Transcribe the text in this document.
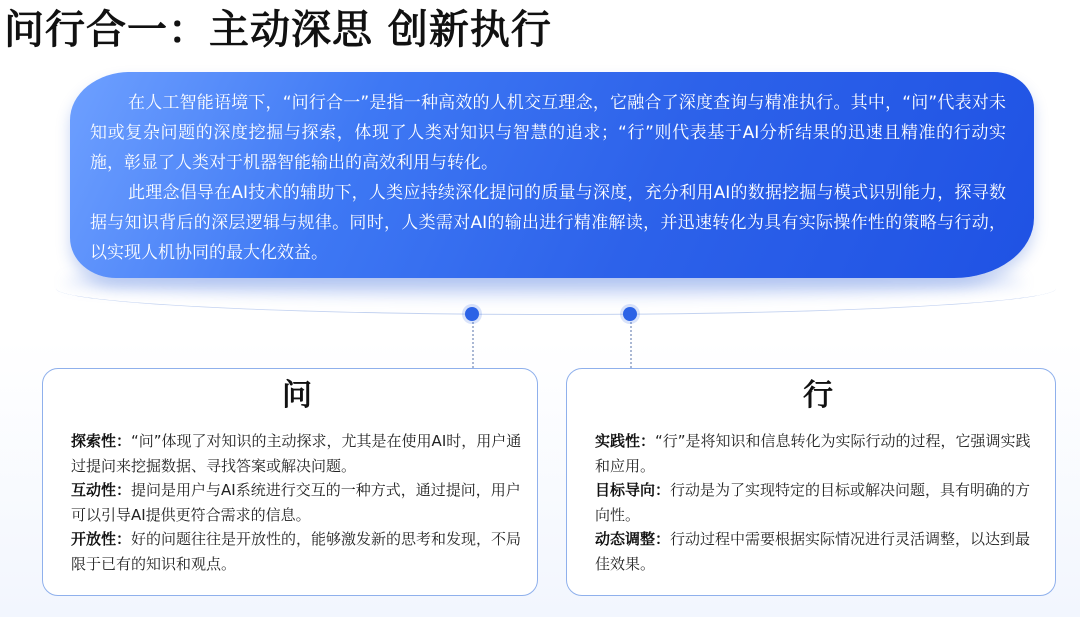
问行合一：主动深思 创新执行

在人工智能语境下，“问行合一”是指一种高效的人机交互理念，它融合了深度查询与精准执行。其中，“问”代表对未知或复杂问题的深度挖掘与探索，体现了人类对知识与智慧的追求；“行”则代表基于AI分析结果的迅速且精准的行动实施，彰显了人类对于机器智能输出的高效利用与转化。

此理念倡导在AI技术的辅助下，人类应持续深化提问的质量与深度，充分利用AI的数据挖掘与模式识别能力，探寻数据与知识背后的深层逻辑与规律。同时，人类需对AI的输出进行精准解读，并迅速转化为具有实际操作性的策略与行动，以实现人机协同的最大化效益。

问

探索性：“问”体现了对知识的主动探求，尤其是在使用AI时，用户通过提问来挖掘数据、寻找答案或解决问题。

互动性：提问是用户与AI系统进行交互的一种方式，通过提问，用户可以引导AI提供更符合需求的信息。

开放性：好的问题往往是开放性的，能够激发新的思考和发现，不局限于已有的知识和观点。

行

实践性：“行”是将知识和信息转化为实际行动的过程，它强调实践和应用。

目标导向：行动是为了实现特定的目标或解决问题，具有明确的方向性。

动态调整：行动过程中需要根据实际情况进行灵活调整，以达到最佳效果。
